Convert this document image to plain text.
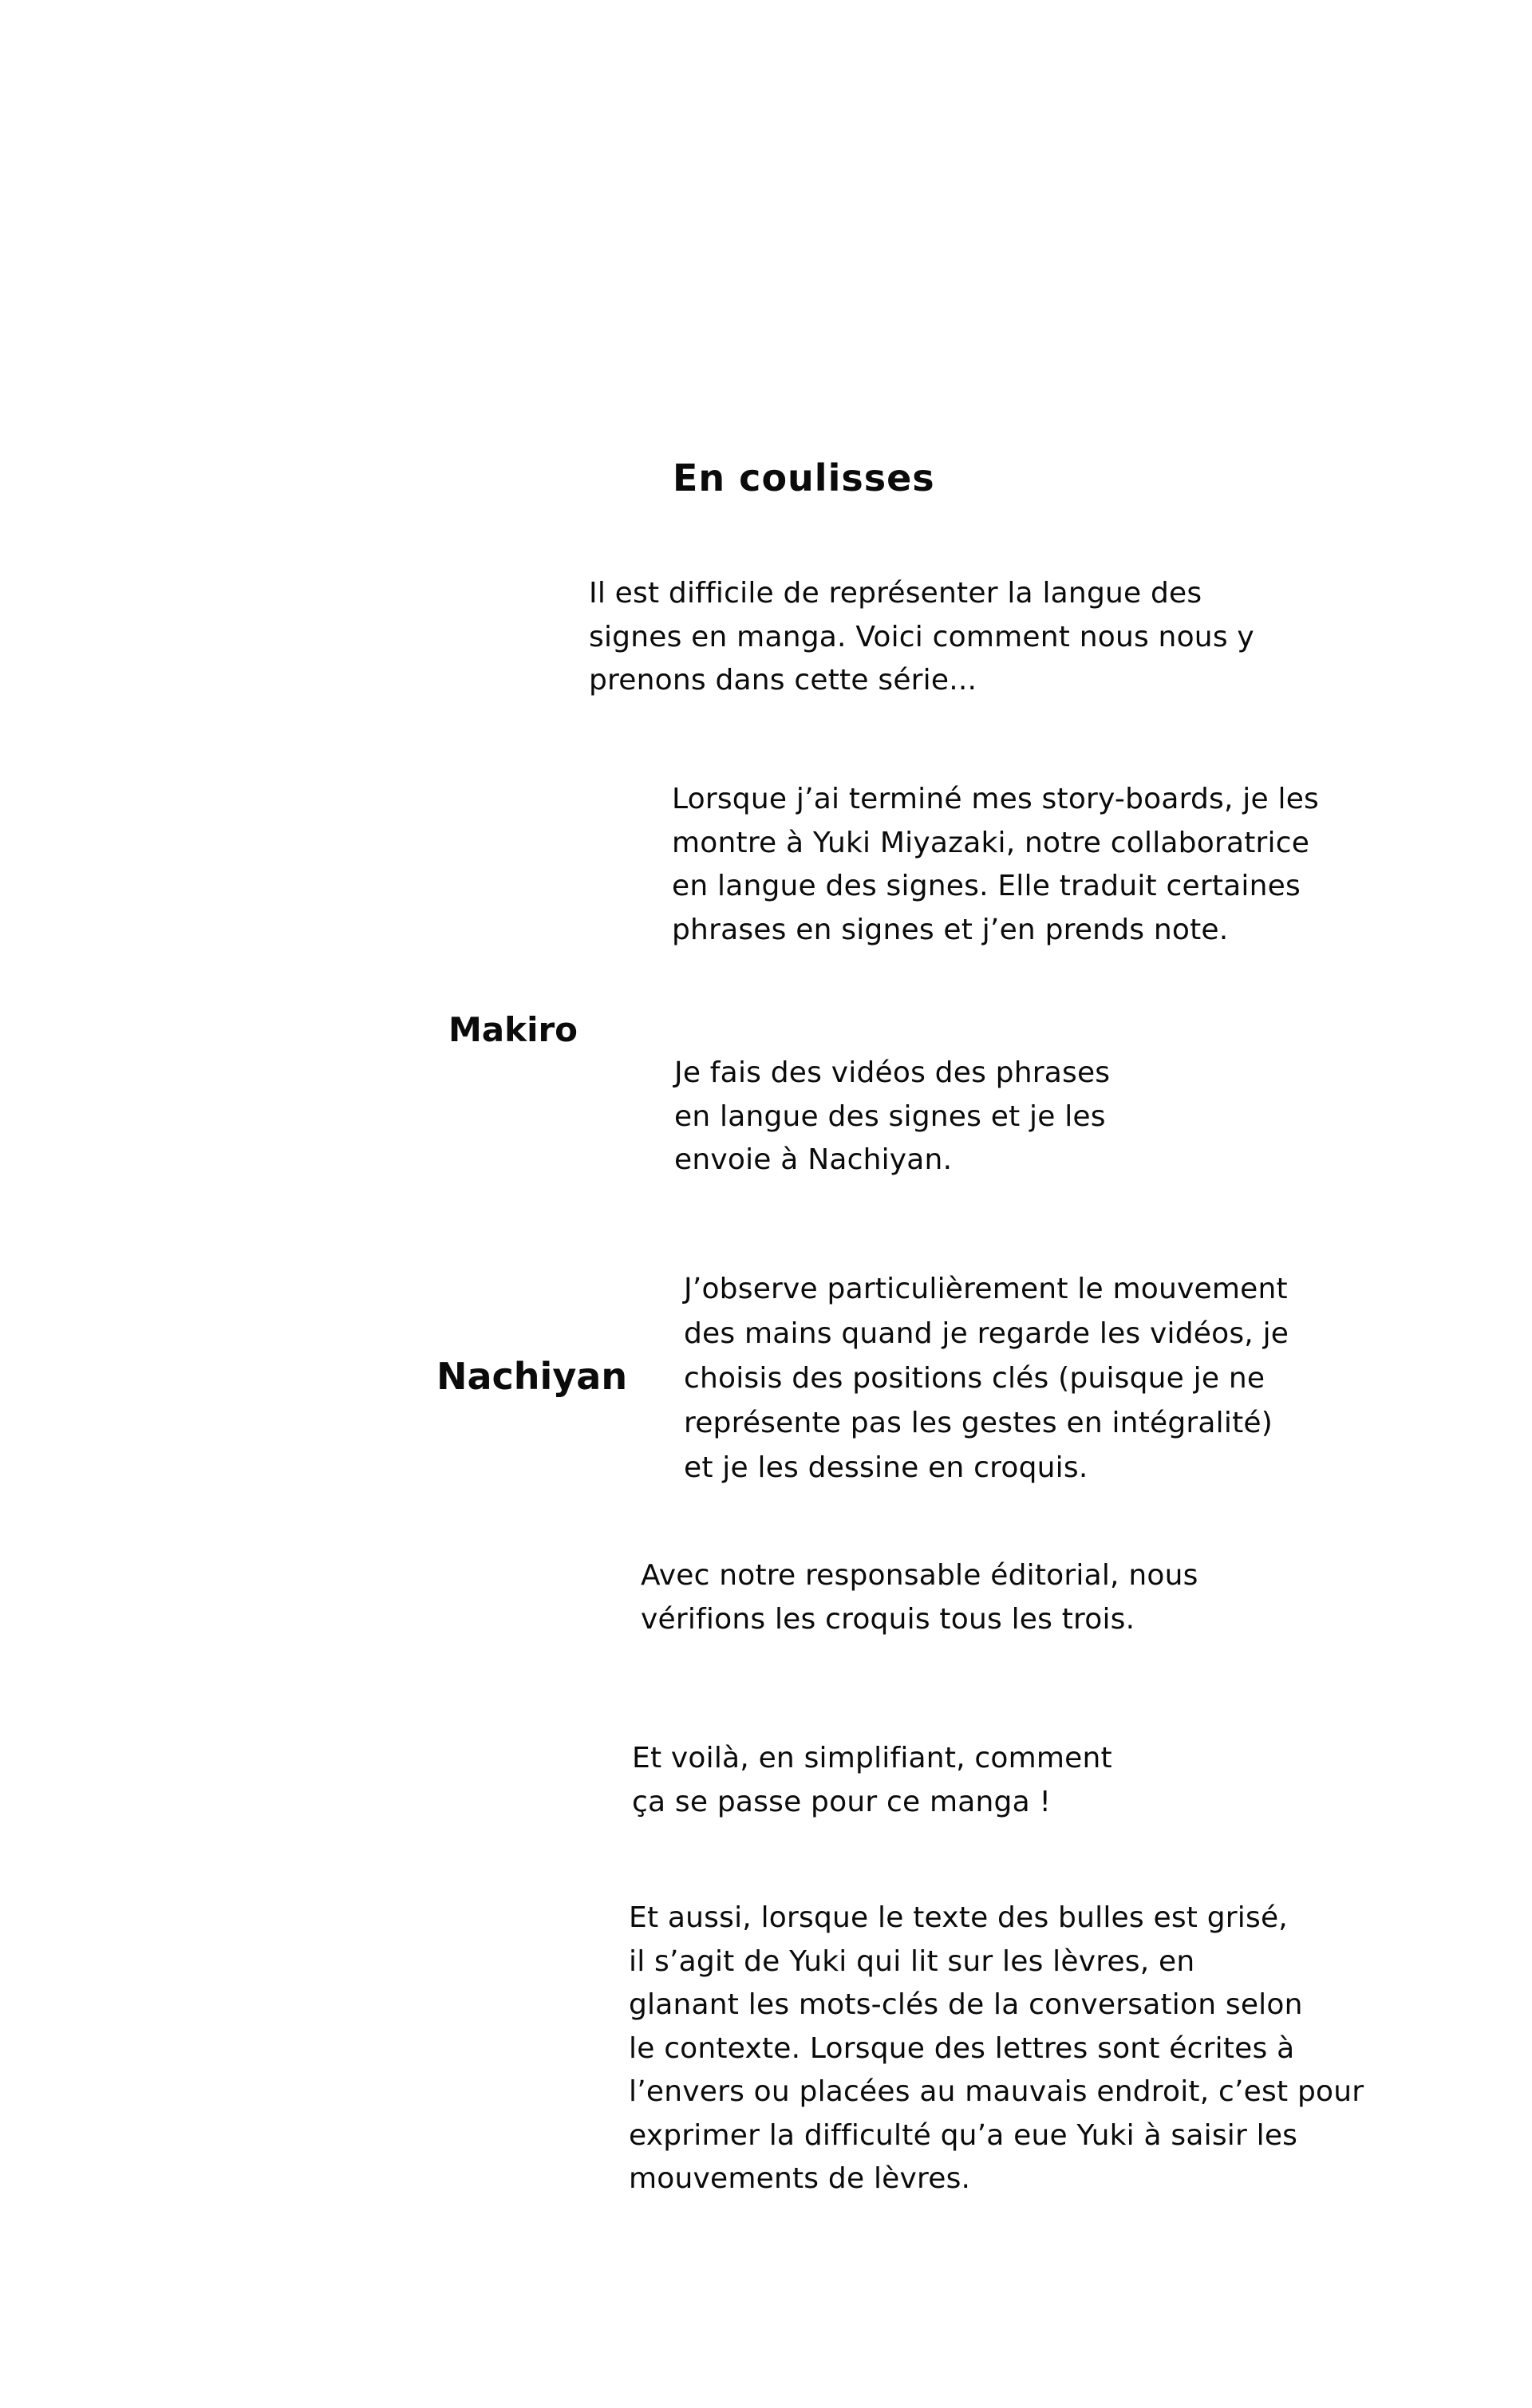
En coulisses
Il est difficile de représenter la langue des
signes en manga. Voici comment nous nous y
prenons dans cette série...
Lorsque j’ai terminé mes story-boards, je les
montre à Yuki Miyazaki, notre collaboratrice
en langue des signes. Elle traduit certaines
phrases en signes et j’en prends note.
Makiro
Je fais des vidéos des phrases
en langue des signes et je les
envoie à Nachiyan.
J’observe particulièrement le mouvement
des mains quand je regarde les vidéos, je
choisis des positions clés (puisque je ne
représente pas les gestes en intégralité)
et je les dessine en croquis.
Nachiyan
Avec notre responsable éditorial, nous
vérifions les croquis tous les trois.
Et voilà, en simplifiant, comment
ça se passe pour ce manga !
Et aussi, lorsque le texte des bulles est grisé,
il s’agit de Yuki qui lit sur les lèvres, en
glanant les mots-clés de la conversation selon
le contexte. Lorsque des lettres sont écrites à
l’envers ou placées au mauvais endroit, c’est pour
exprimer la difficulté qu’a eue Yuki à saisir les
mouvements de lèvres.
